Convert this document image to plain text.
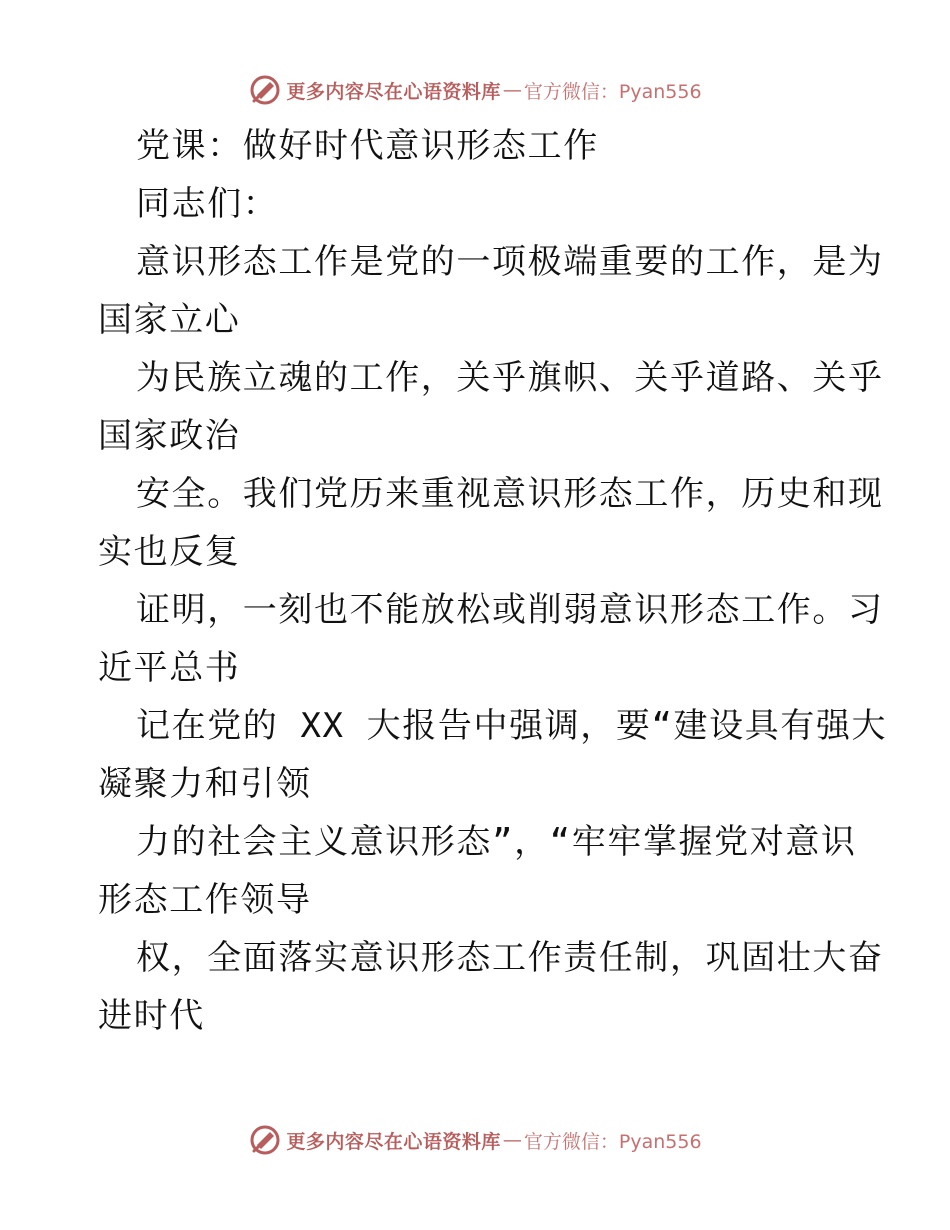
更多内容尽在心语资料库 — 官方微信：Pyan556
党课：做好时代意识形态工作
同志们：
意识形态工作是党的一项极端重要的工作，是为
国家立心
为民族立魂的工作，关乎旗帜、关乎道路、关乎
国家政治
安全。我们党历来重视意识形态工作，历史和现
实也反复
证明，一刻也不能放松或削弱意识形态工作。习
近平总书
记在党的 XX 大报告中强调，要“建设具有强大
凝聚力和引领
力的社会主义意识形态”，“牢牢掌握党对意识
形态工作领导
权，全面落实意识形态工作责任制，巩固壮大奋
进时代
更多内容尽在心语资料库 — 官方微信：Pyan556
